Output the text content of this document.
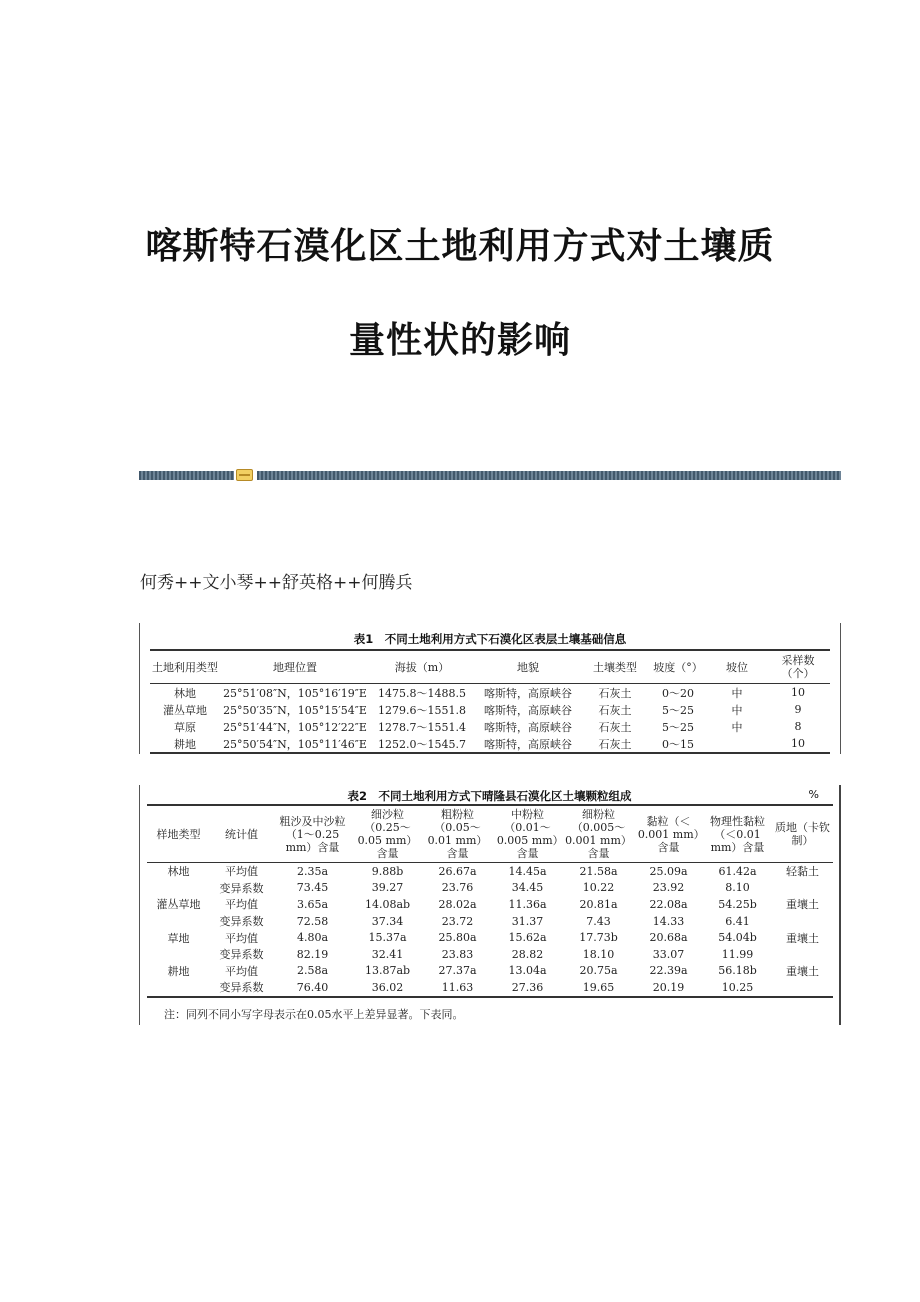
喀斯特石漠化区土地利用方式对土壤质
量性状的影响
何秀++文小琴++舒英格++何腾兵
表1　不同土地利用方式下石漠化区表层土壤基础信息
土地利用类型	地理位置	海拔（m）	地貌	土壤类型	坡度（°）	坡位	采样数（个）
林地	25°51′08″N，105°16′19″E	1475.8～1488.5	喀斯特，高原峡谷	石灰土	0～20	中	10
灌丛草地	25°50′35″N，105°15′54″E	1279.6～1551.8	喀斯特，高原峡谷	石灰土	5～25	中	9
草原	25°51′44″N，105°12′22″E	1278.7～1551.4	喀斯特，高原峡谷	石灰土	5～25	中	8
耕地	25°50′54″N，105°11′46″E	1252.0～1545.7	喀斯特，高原峡谷	石灰土	0～15		10
表2　不同土地利用方式下晴隆县石漠化区土壤颗粒组成	%
样地类型	统计值	粗沙及中沙粒（1～0.25 mm）含量	细沙粒（0.25～0.05 mm）含量	粗粉粒（0.05～0.01 mm）含量	中粉粒（0.01～0.005 mm）含量	细粉粒（0.005～0.001 mm）含量	黏粒（＜0.001 mm）含量	物理性黏粒（＜0.01 mm）含量	质地（卡钦制）
林地	平均值	2.35a	9.88b	26.67a	14.45a	21.58a	25.09a	61.42a	轻黏土
	变异系数	73.45	39.27	23.76	34.45	10.22	23.92	8.10	
灌丛草地	平均值	3.65a	14.08ab	28.02a	11.36a	20.81a	22.08a	54.25b	重壤土
	变异系数	72.58	37.34	23.72	31.37	7.43	14.33	6.41	
草地	平均值	4.80a	15.37a	25.80a	15.62a	17.73b	20.68a	54.04b	重壤土
	变异系数	82.19	32.41	23.83	28.82	18.10	33.07	11.99	
耕地	平均值	2.58a	13.87ab	27.37a	13.04a	20.75a	22.39a	56.18b	重壤土
	变异系数	76.40	36.02	11.63	27.36	19.65	20.19	10.25	
注：同列不同小写字母表示在0.05水平上差异显著。下表同。
